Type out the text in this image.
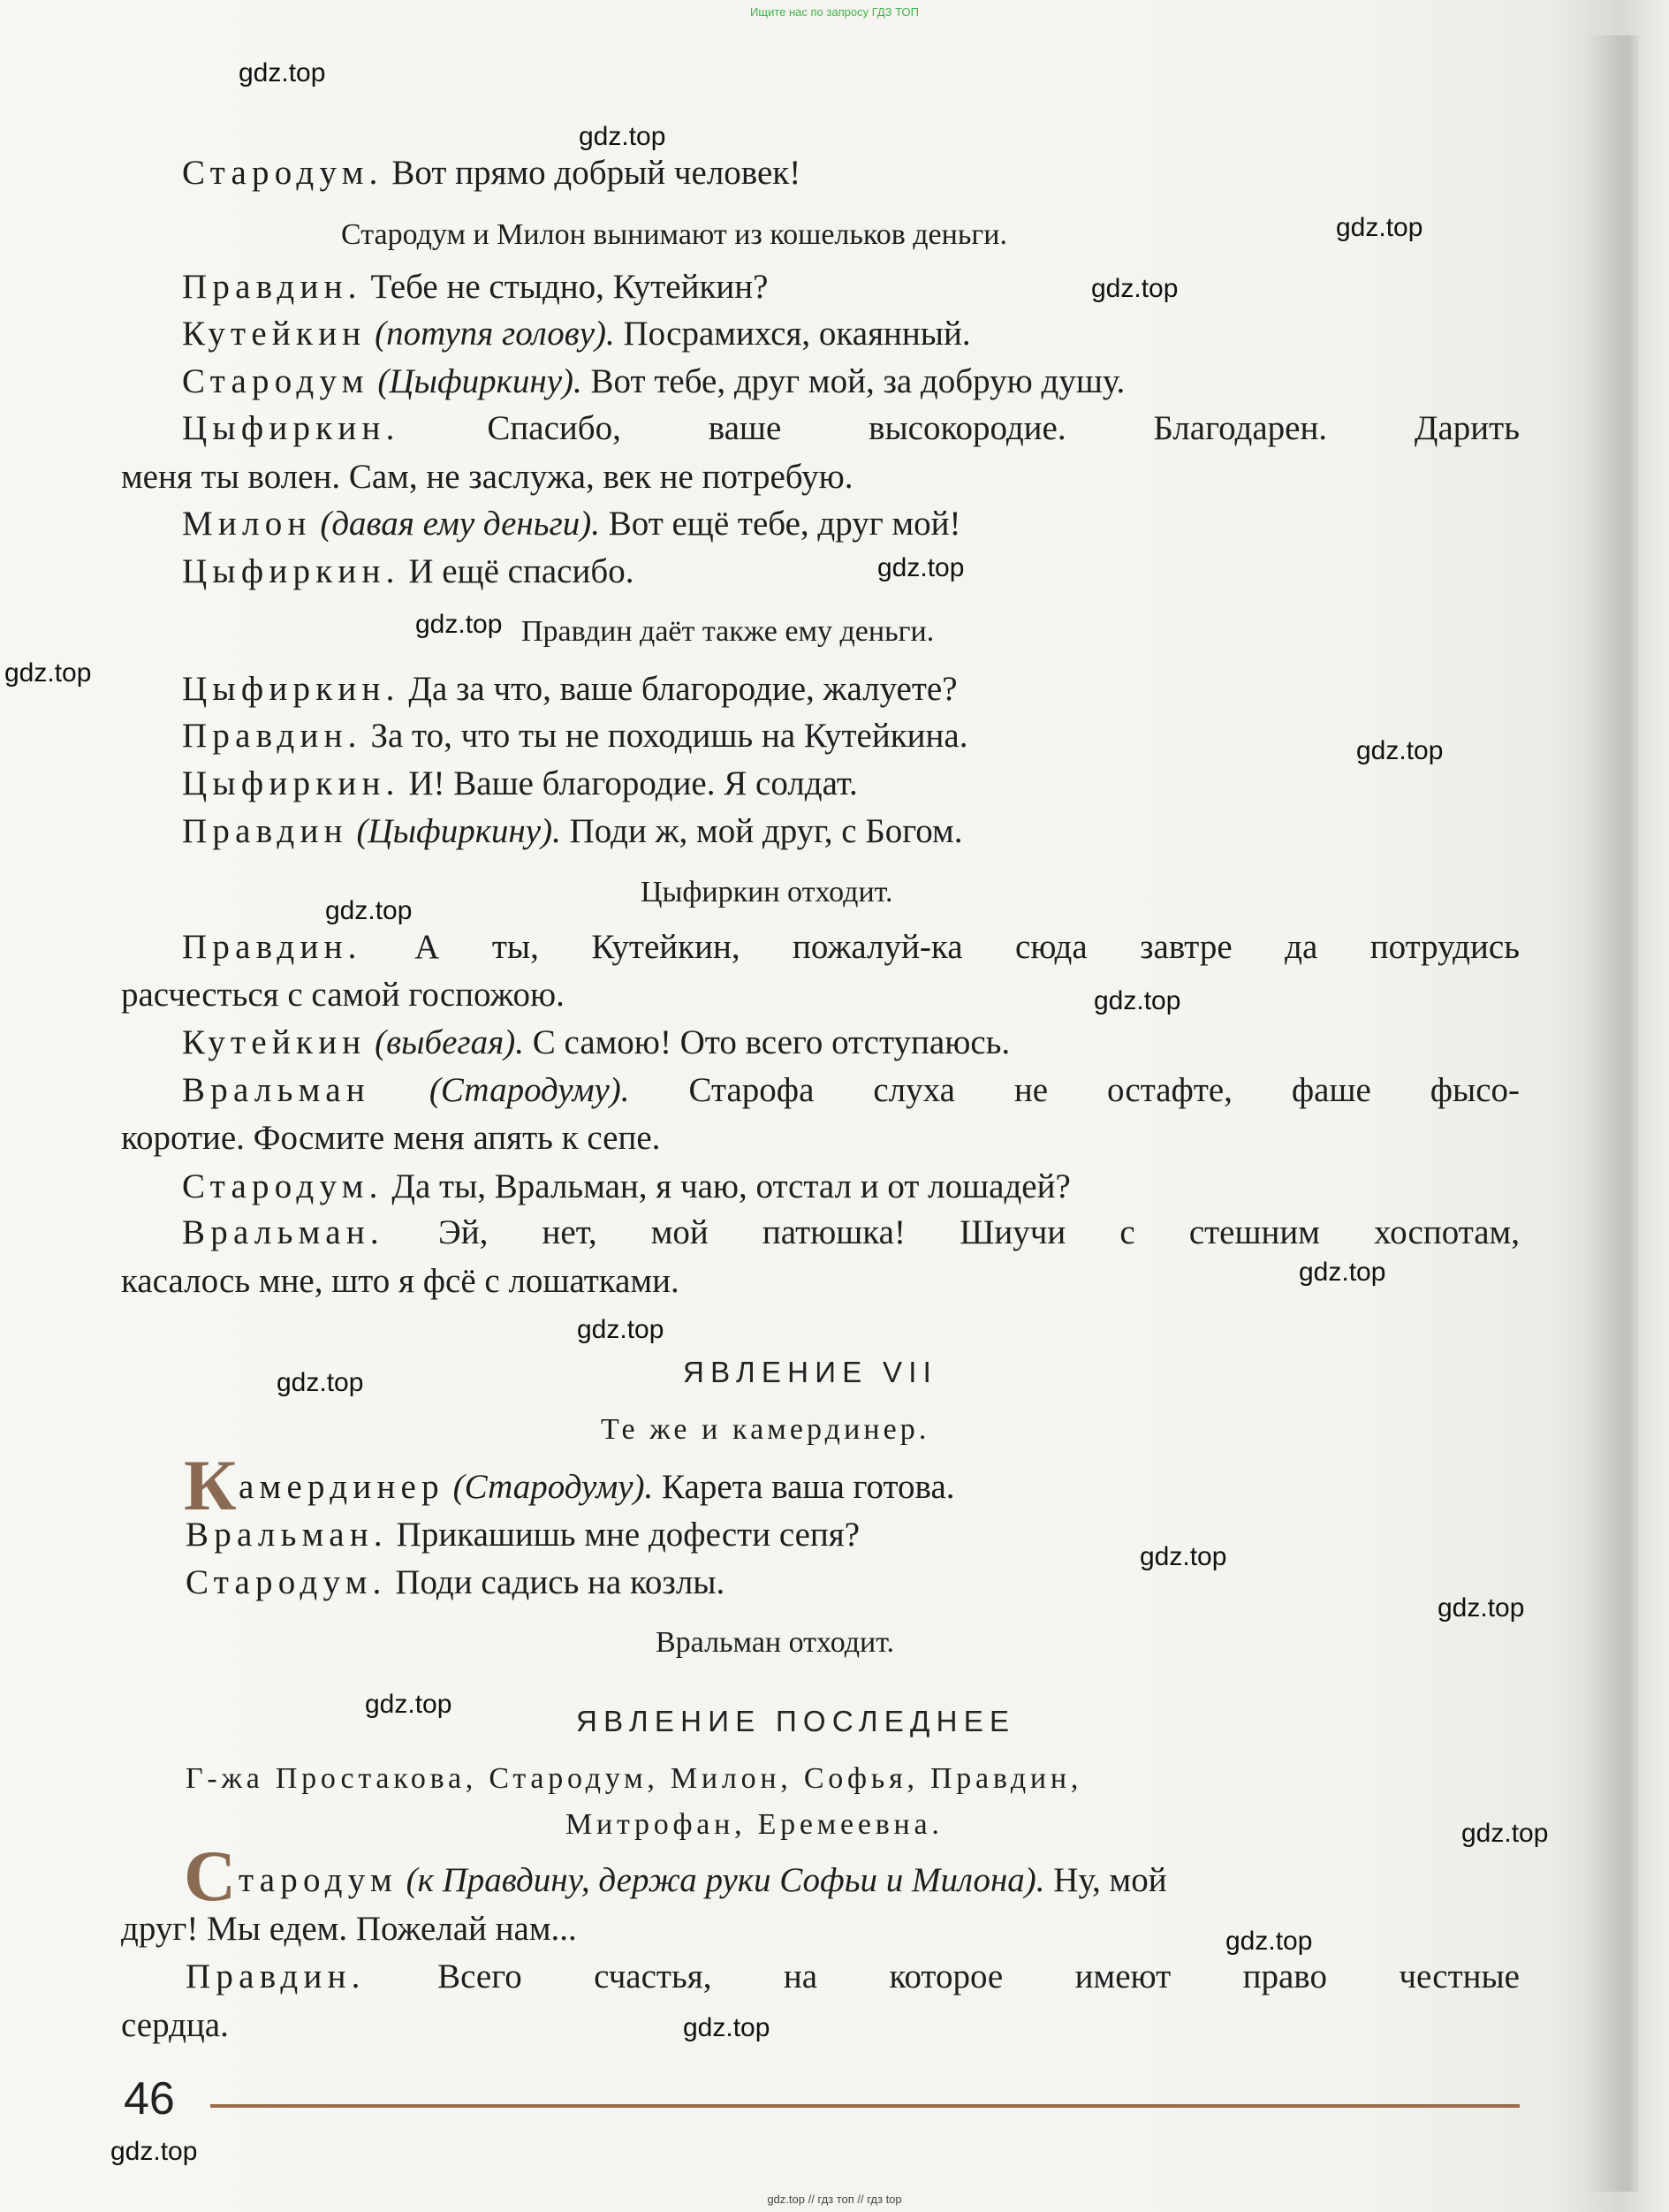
Ищите нас по запросу ГДЗ ТОП
gdz.top
gdz.top
gdz.top
gdz.top
gdz.top
gdz.top
gdz.top
gdz.top
gdz.top
gdz.top
gdz.top
gdz.top
gdz.top
gdz.top
gdz.top
gdz.top
gdz.top
gdz.top
gdz.top
gdz.top
Стародум. Вот прямо добрый человек!
Стародум и Милон вынимают из кошельков деньги.
Правдин. Тебе не стыдно, Кутейкин?
Кутейкин (потупя голову). Посрамихся, окаянный.
Стародум (Цыфиркину). Вот тебе, друг мой, за добрую душу.
Цыфиркин. Спасибо, ваше высокородие. Благодарен. Дарить
меня ты волен. Сам, не заслужа, век не потребую.
Милон (давая ему деньги). Вот ещё тебе, друг мой!
Цыфиркин. И ещё спасибо.
Правдин даёт также ему деньги.
Цыфиркин. Да за что, ваше благородие, жалуете?
Правдин. За то, что ты не походишь на Кутейкина.
Цыфиркин. И! Ваше благородие. Я солдат.
Правдин (Цыфиркину). Поди ж, мой друг, с Богом.
Цыфиркин отходит.
Правдин. А ты, Кутейкин, пожалуй-ка сюда завтре да потрудись
расчесться с самой госпожою.
Кутейкин (выбегая). С самою! Ото всего отступаюсь.
Вральман (Стародуму). Старофа слуха не остафте, фаше фысо-
коротие. Фосмите меня апять к сепе.
Стародум. Да ты, Вральман, я чаю, отстал и от лошадей?
Вральман. Эй, нет, мой патюшка! Шиучи с стешним хоспотам,
касалось мне, што я фсё с лошатками.
ЯВЛЕНИЕ VII
Те же и камердинер.
К амердинер (Стародуму). Карета ваша готова.
Вральман. Прикашишь мне дофести сепя?
Стародум. Поди садись на козлы.
Вральман отходит.
ЯВЛЕНИЕ ПОСЛЕДНЕЕ
Г-жа Простакова, Стародум, Милон, Софья, Правдин,
Митрофан, Еремеевна.
С тародум (к Правдину, держа руки Софьи и Милона). Ну, мой
друг! Мы едем. Пожелай нам...
Правдин. Всего счастья, на которое имеют право честные
сердца.
46
gdz.top // гдз топ // гдз top
